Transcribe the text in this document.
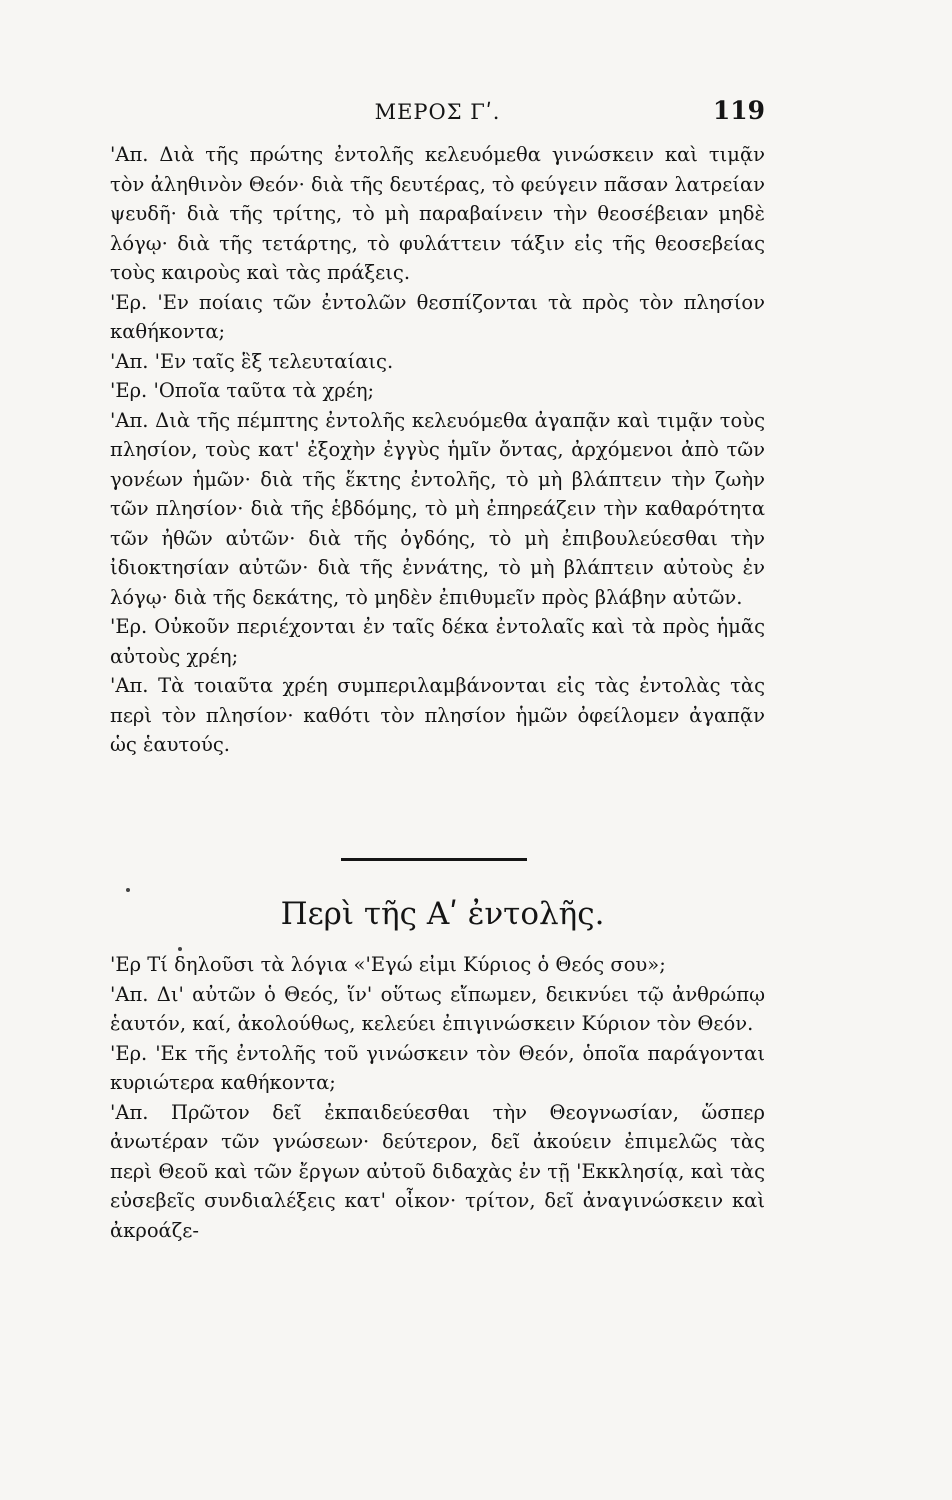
ΜΕΡΟΣ Γʹ.	119

'Απ. Διὰ τῆς πρώτης ἐντολῆς κελευόμεθα γινώσκειν καὶ τιμᾷν τὸν ἀληθινὸν Θεόν· διὰ τῆς δευτέρας, τὸ φεύγειν πᾶσαν λατρείαν ψευδῆ· διὰ τῆς τρίτης, τὸ μὴ παραβαίνειν τὴν θεοσέβειαν μηδὲ λόγῳ· διὰ τῆς τετάρτης, τὸ φυλάττειν τάξιν εἰς τῆς θεοσεβείας τοὺς καιροὺς καὶ τὰς πράξεις.

'Ερ. 'Εν ποίαις τῶν ἐντολῶν θεσπίζονται τὰ πρὸς τὸν πλησίον καθήκοντα;

'Απ. 'Εν ταῖς ἓξ τελευταίαις.

'Ερ. 'Οποῖα ταῦτα τὰ χρέη;

'Απ. Διὰ τῆς πέμπτης ἐντολῆς κελευόμεθα ἀγαπᾷν καὶ τιμᾷν τοὺς πλησίον, τοὺς κατ' ἐξοχὴν ἐγγὺς ἡμῖν ὄντας, ἀρχόμενοι ἀπὸ τῶν γονέων ἡμῶν· διὰ τῆς ἕκτης ἐντολῆς, τὸ μὴ βλάπτειν τὴν ζωὴν τῶν πλησίον· διὰ τῆς ἑβδόμης, τὸ μὴ ἐπηρεάζειν τὴν καθαρότητα τῶν ἠθῶν αὐτῶν· διὰ τῆς ὀγδόης, τὸ μὴ ἐπιβουλεύεσθαι τὴν ἰδιοκτησίαν αὐτῶν· διὰ τῆς ἐννάτης, τὸ μὴ βλάπτειν αὐτοὺς ἐν λόγῳ· διὰ τῆς δεκάτης, τὸ μηδὲν ἐπιθυμεῖν πρὸς βλάβην αὐτῶν.

'Ερ. Οὐκοῦν περιέχονται ἐν ταῖς δέκα ἐντολαῖς καὶ τὰ πρὸς ἡμᾶς αὐτοὺς χρέη;

'Απ. Τὰ τοιαῦτα χρέη συμπεριλαμβάνονται εἰς τὰς ἐντολὰς τὰς περὶ τὸν πλησίον· καθότι τὸν πλησίον ἡμῶν ὀφείλομεν ἀγαπᾷν ὡς ἑαυτούς.

Περὶ τῆς Αʹ ἐντολῆς.

'Ερ Τί δηλοῦσι τὰ λόγια «'Εγώ εἰμι Κύριος ὁ Θεός σου»;

'Απ. Δι' αὐτῶν ὁ Θεός, ἵν' οὕτως εἴπωμεν, δεικνύει τῷ ἀνθρώπῳ ἑαυτόν, καί, ἀκολούθως, κελεύει ἐπιγινώσκειν Κύριον τὸν Θεόν.

'Ερ. 'Εκ τῆς ἐντολῆς τοῦ γινώσκειν τὸν Θεόν, ὁποῖα παράγονται κυριώτερα καθήκοντα;

'Απ. Πρῶτον δεῖ ἐκπαιδεύεσθαι τὴν Θεογνωσίαν, ὥσπερ ἀνωτέραν τῶν γνώσεων· δεύτερον, δεῖ ἀκούειν ἐπιμελῶς τὰς περὶ Θεοῦ καὶ τῶν ἔργων αὐτοῦ διδαχὰς ἐν τῇ 'Εκκλησίᾳ, καὶ τὰς εὐσεβεῖς συνδιαλέξεις κατ' οἶκον· τρίτον, δεῖ ἀναγινώσκειν καὶ ἀκροάζε-
